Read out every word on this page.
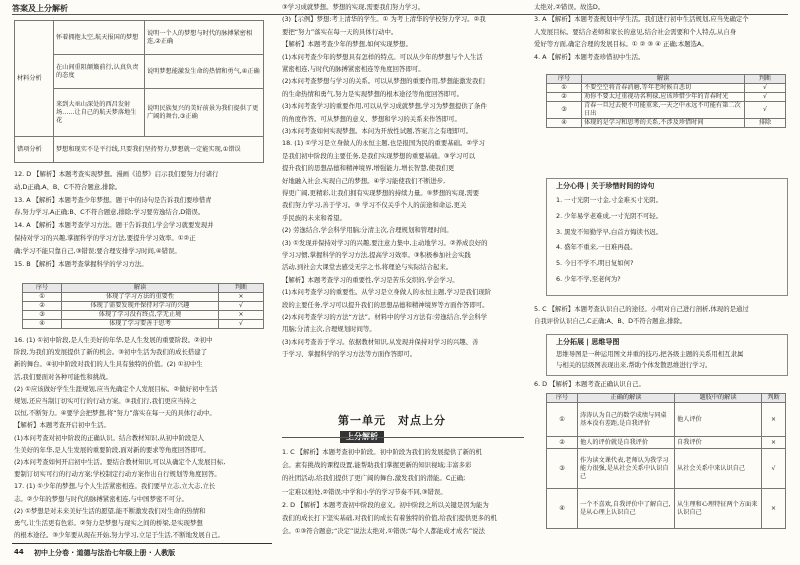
答案及上分解析
材料分析	怀着拥抱太空,航天报国的梦想	说明一个人的梦想与时代的脉搏紧密相连,②正确
	在山间重阻颠簸前行,认真负责的态度	说明梦想能激发生命的热情和勇气,④正确
	来到大巫山深处的西昌发射场……让自己的航天梦落地生花	说明民族复兴的美好前景为我们提供了更广阔的舞台,③正确
错项分析	梦想和现实不是平行线,只要我们坚持努力,梦想就一定能实现,①错误	
12. D 【解析】本题考查实现梦想。漫画《追梦》启示我们要努力付诸行
动,D正确,A、B、C不符合题意,排除。
13. A 【解析】本题考查少年梦想。题干中的诗句是告诉我们要珍惜青
春,努力学习,A正确;B、C不符合题意,排除;学习要劳逸结合,D错误。
14. A 【解析】本题考查学习方法。题干告诉我们,学会学习就要发现并
保持对学习的兴趣,掌握科学的学习方法,要提升学习效率。①②正
确;学习不能只靠自己,③错误;要合理安排学习时间,④错误。
15. B 【解析】本题考查掌握科学的学习方法。
序号	解读	判断
①	体现了学习方法的重要性	×
②	体现了需要发现并保持对学习的兴趣	√
③	体现了学习没有终点,学无止境	×
④	体现了学习要善于思考	√
16. (1) ①初中阶段,是人生美好的年华,是人生发展的重要阶段。②初中
阶段,为我们的发展提供了新的机会。③初中生活为我们的成长搭建了
新的舞台。④初中阶段对我们的人生具有独特的价值。(2) ①初中生
活,我们要面对各种可能性和挑战。
(2) ①应该做好学生生涯规划,应当先确定个人发展目标。②做好初中生活
规划,还应当制订切实可行的行动方案。③我们行,我们更应当持之
以恒,不断努力。④要学会把梦想,将“努力”落实在每一天的具体行动中。
【解析】本题考查开启初中生活。
(1)本问考查对初中阶段的正确认识。结合教材知识,从初中阶段是人
生美好的年华,是人生发展的重要阶段,面对新的要求等角度回答即可。
(2)本问考查如何开启初中生活。要结合教材知识,可以从确定个人发展目标,
要制订切实可行的行动方案;学校制定行动方案作出自行规划等角度回答。
17. (1) ①少年的梦想,与个人生活紧密相连。我们要早立志,立大志,立长
志。②少年的梦想与时代的脉搏紧密相连,与中国梦密不可分。
(2) ①梦想是对未来美好生活的愿望,能不断激发我们对生命的热情和
勇气,让生活更有色彩。②努力是梦想与现实之间的桥梁,是实现梦想
的根本途径。③少年要从现在开始,努力学习,立足于生活,不断地发展自己。
44 初中上分卷 · 道德与法治七年级上册 · 人教版
③学习成就梦想。梦想的实现,需要我们努力学习。
(3)【示例】梦想:考上清华的学生。① 为考上清华的学校努力学习。②我
要把“努力”落实在每一天的具体行动中。
【解析】本题考查少年的梦想,如何实现梦想。
(1)本问考查少年的梦想具有怎样的特点。可以从少年的梦想与个人生活
紧密相连,与时代的脉搏紧密相连等角度回答即可。
(2)本问考查梦想与学习的关系。可以从梦想的重要作用,梦想能激发我们
的生命热情和勇气,努力是实现梦想的根本途径等角度回答即可。
(3)本问考查学习的重要作用,可以从学习成就梦想,学习为梦想提供了条件
的角度作答。可从梦想的意义、梦想和学习的关系来作答即可。
(3)本问考查如何实现梦想。本问为开放性试题,答案言之有理即可。
18. (1) ①学习是立身做人的永恒主题,也是报国为民的重要基础。②学习
是我们初中阶段的主要任务,是我们实现梦想的重要基础。③学习可以
提升我们的思想品德和精神境界,增强能力,增长智慧,使我们更
好地融入社会,实现自己的梦想。④学习能使我们不断进步,
得更广阔,更精彩,让我们拥有实现梦想的持续力量。⑤梦想的实现,需要
我们努力学习,善于学习。③ 学习不仅关乎个人的前途和命运,更关
乎民族的未来和希望。
(2) 劳逸结合,学会科学用脑;分清主次,合理规划和管理时间。
(3) ①发现并保持对学习的兴趣,要注意力集中,主动地学习。②养成良好的
学习习惯,掌握科学的学习方法,提高学习效率。③积极参加社会实践
活动,到社会大课堂去感受无字之书,将理论与实际结合起来。
【解析】本题考查学习的重要性,学习是苦乐交织的,学会学习。
(1)本问考查学习的重要性。从学习是立身做人的永恒主题,学习是我们现阶
段的主要任务,学习可以提升我们的思想品德和精神境界等方面作答即可。
(2)本问考查学习的方法“方法”。材料中的学习方法有:劳逸结合,学会科学
用脑;分清主次,合理规划时间等。
(3)本问考查善于学习。依据教材知识,从发现并保持对学习的兴趣、善
于学习、掌握科学的学习方法等方面作答即可。
第一单元　对点上分
1. C 【解析】本题考查初中阶段。初中阶段为我们的发展提供了新的机
会。素有挑战的课程设置,能帮助我们掌握更新的知识视域;丰富多彩
的社团活动,给我们提供了更广阔的舞台,激发我们的潜能。C正确;
一定难以相处,②错误;中学和小学的学习节奏不同,③错误。
2. D 【解析】本题考查初中阶段的意义。初中阶段之所以关键是因为能为
我们的成长打下坚实基础,对我们的成长有着独特的价值,给我们提供更多的机
会。①③符合题意;“决定”说法太绝对,①错误;“每个人都能成才成名”说法
太绝对,②错误。故选D。
3. A 【解析】本题考查规划中学生活。我们进行初中生活规划,应当先确定个
人发展目标。要结合老师和家长的意见,结合社会需要和个人特点,从自身
爱好等方面,确定合理的发展目标。① ② ③ ④ 正确;本题选A。
4. A 【解析】本题考查珍惜初中生活。
序号	解读	判断
①	不要空空将青春消磨,等年老时候自悲切	√
②	劝你不要太过重视功名利禄,应该珍惜少年的青春时光	√
③	青春一旦过去便不可能重来,一天之中永远不可能有第二次日出	√
④	体现的是学习和思考的关系,不涉及珍惜时间	排除
上分心得 | 关于珍惜时间的诗句
1. 一寸光阴一寸金,寸金难买寸光阴。
2. 少年易学老难成,一寸光阴不可轻。
3. 黑发不知勤学早,白首方悔读书迟。
4. 盛年不重来,一日难再晨。
5. 今日不学不,明日复如何?
6. 少年不学,至老何为?
5. C 【解析】本题考查认识自己的途径。小明对自己进行剖析,体现的是通过
自我评价认识自己,C正确;A、B、D不符合题意,排除。
上分拓展 | 思维导图
思维导图是一种运用图文并重的技巧,把各级主题的关系用相互隶属
与相关的层级图表现出来,帮助个体发散思维进行学习。
6. D 【解析】本题考查正确认识自己。
序号	正确的解读	题肢中的解读	判断
①	涛涛认为自己的数学成绩与同桌基本没有差距,是自我评价	他人评价	×
②	他人的评价就是自我评价	自我评价	×
③	作为读文课代表,老师认为我学习能力很强,是从社会关系中认识自己	从社会关系中来认识自己	√
④	一个不喜欢,自我评价中了解自己,是从心理上认识自己	从生理和心理特征两个方面来认识自己	×
